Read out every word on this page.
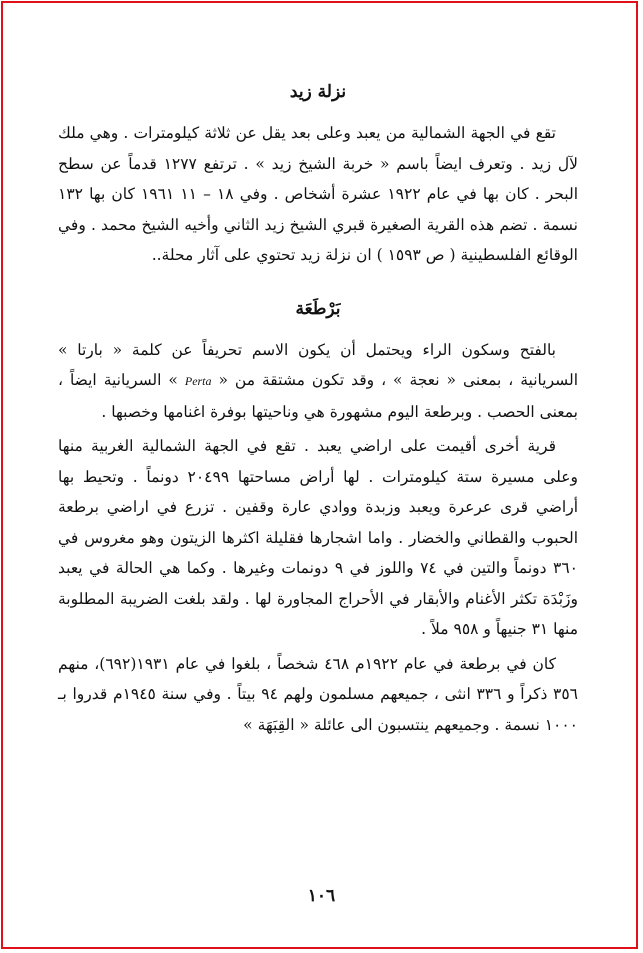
نزلة زيد

تقع في الجهة الشمالية من يعبد وعلى بعد يقل عن ثلاثة كيلومترات . وهي ملك لآل زيد . وتعرف ايضاً باسم « خربة الشيخ زيد » . ترتفع ١٢٧٧ قدماً عن سطح البحر . كان بها في عام ١٩٢٢ عشرة أشخاص . وفي ١٨ – ١١ ١٩٦١ كان بها ١٣٢ نسمة . تضم هذه القرية الصغيرة قبري الشيخ زيد الثاني وأخيه الشيخ محمد . وفي الوقائع الفلسطينية ( ص ١٥٩٣ ) ان نزلة زيد تحتوي على آثار محلة..

بَرْطَعَة

بالفتح وسكون الراء ويحتمل أن يكون الاسم تحريفاً عن كلمة « بارتا » السريانية ، بمعنى « نعجة » ، وقد تكون مشتقة من « Perta » السريانية ايضاً ، بمعنى الحصب . وبرطعة اليوم مشهورة هي وناحيتها بوفرة اغنامها وخصبها .

قرية أخرى أقيمت على اراضي يعبد . تقع في الجهة الشمالية الغربية منها وعلى مسيرة ستة كيلومترات . لها أراض مساحتها ٢٠٤٩٩ دونماً . وتحيط بها أراضي قرى عرعرة ويعبد وزبدة ووادي عارة وقفين . تزرع في اراضي برطعة الحبوب والقطاني والخضار . واما اشجارها فقليلة اكثرها الزيتون وهو مغروس في ٣٦٠ دونماً والتين في ٧٤ واللوز في ٩ دونمات وغيرها . وكما هي الحالة في يعبد وزَبْدَة تكثر الأغنام والأبقار في الأحراج المجاورة لها . ولقد بلغت الضريبة المطلوبة منها ٣١ جنيهاً و ٩٥٨ ملاً .

كان في برطعة في عام ١٩٢٢م ٤٦٨ شخصاً ، بلغوا في عام ١٩٣١(٦٩٢)، منهم ٣٥٦ ذكراً و ٣٣٦ انثى ، جميعهم مسلمون ولهم ٩٤ بيتاً . وفي سنة ١٩٤٥م قدروا بـ ١٠٠٠ نسمة . وجميعهم ينتسبون الى عائلة « القِبَهَة »

١٠٦
